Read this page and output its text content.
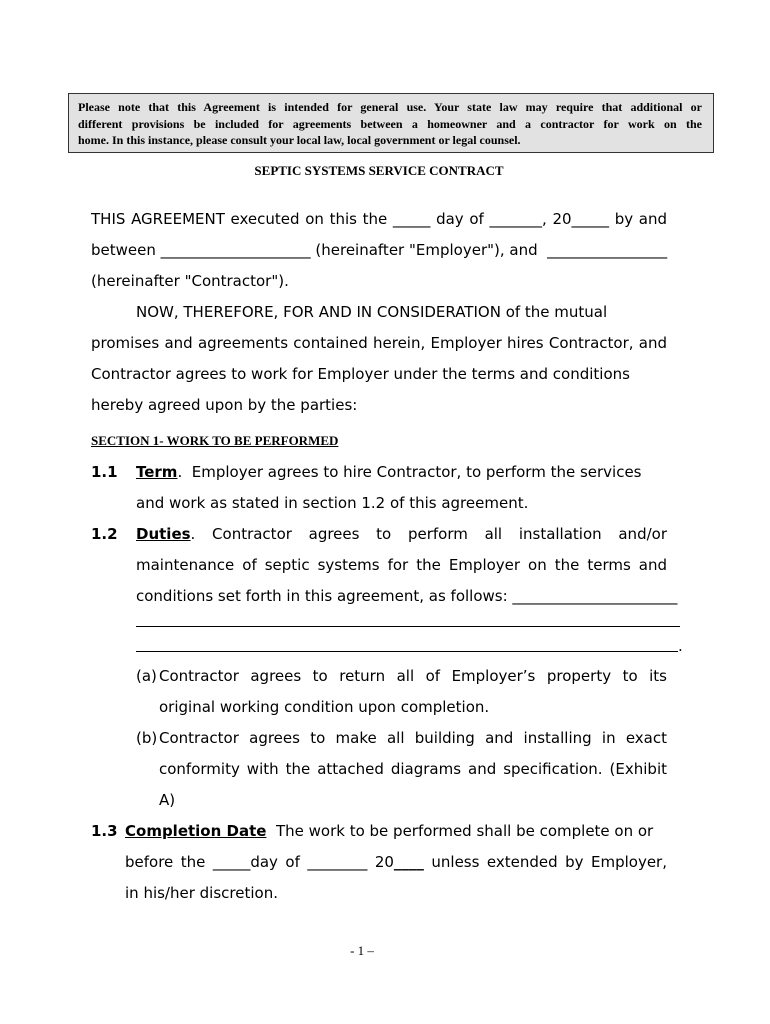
Please note that this Agreement is intended for general use. Your state law may require that additional or
different provisions be included for agreements between a homeowner and a contractor for work on the
home. In this instance, please consult your local law, local government or legal counsel.
SEPTIC SYSTEMS SERVICE CONTRACT
THIS AGREEMENT executed on this the _____ day of _______, 20_____ by and
between ____________________ (hereinafter "Employer"), and  ________________
(hereinafter "Contractor").
NOW, THEREFORE, FOR AND IN CONSIDERATION of the mutual
promises and agreements contained herein, Employer hires Contractor, and
Contractor agrees to work for Employer under the terms and conditions
hereby agreed upon by the parties:
SECTION 1- WORK TO BE PERFORMED
1.1 Term.  Employer agrees to hire Contractor, to perform the services
and work as stated in section 1.2 of this agreement.
1.2 Duties. Contractor agrees to perform all installation and/or
maintenance of septic systems for the Employer on the terms and
conditions set forth in this agreement, as follows: ______________________
.
(a) Contractor agrees to return all of Employer’s property to its
original working condition upon completion.
(b) Contractor agrees to make all building and installing in exact
conformity with the attached diagrams and specification. (Exhibit
A)
1.3 Completion Date  The work to be performed shall be complete on or
before the _____day of ________ 20____ unless extended by Employer,
in his/her discretion.
- 1 –
